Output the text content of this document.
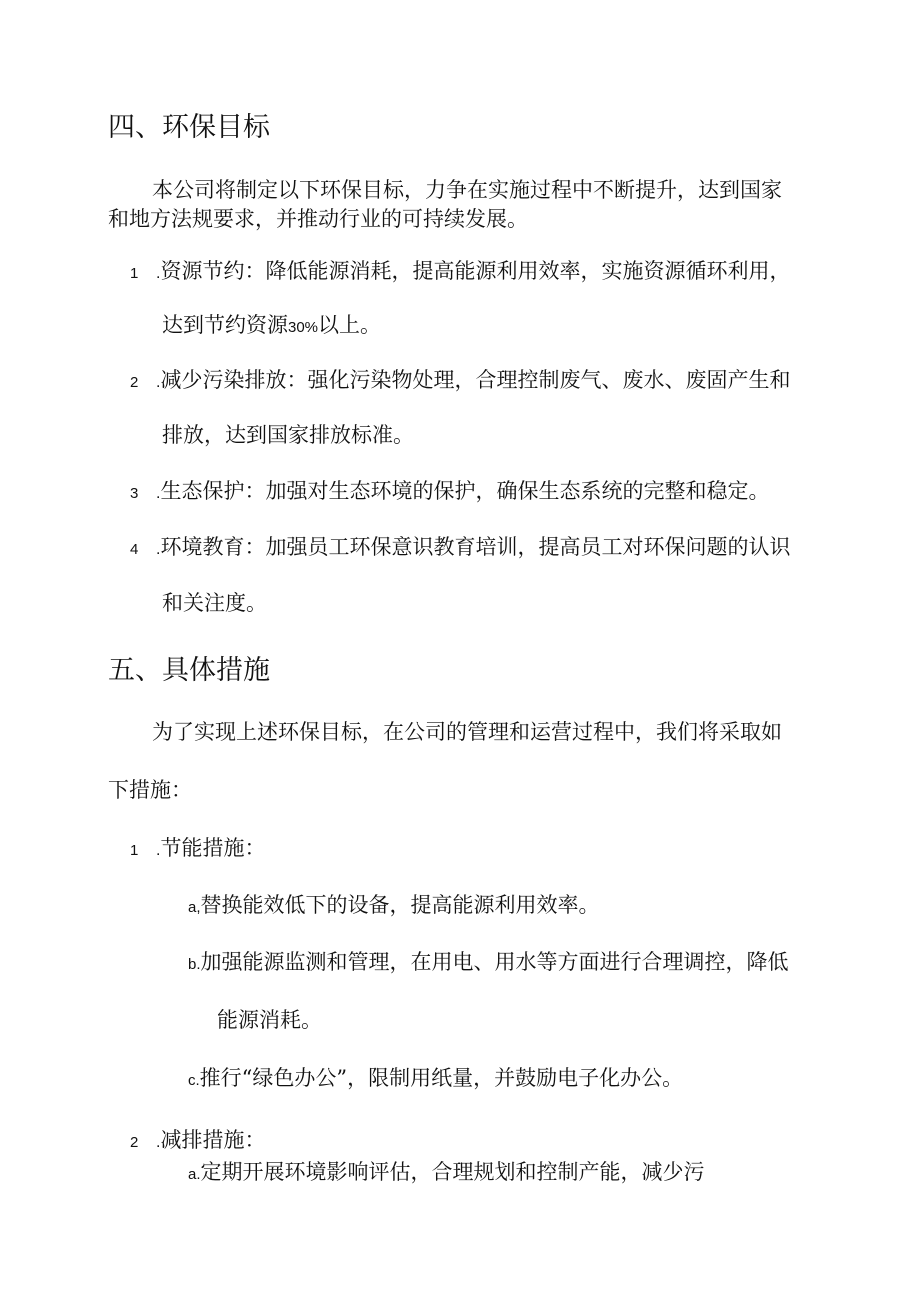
四、环保目标
本公司将制定以下环保目标，力争在实施过程中不断提升，达到国家
和地方法规要求，并推动行业的可持续发展。
1 .资源节约：降低能源消耗，提高能源利用效率，实施资源循环利用，
达到节约资源30%以上。
2 .减少污染排放：强化污染物处理，合理控制废气、废水、废固产生和
排放，达到国家排放标准。
3 .生态保护：加强对生态环境的保护，确保生态系统的完整和稳定。
4 .环境教育：加强员工环保意识教育培训，提高员工对环保问题的认识
和关注度。
五、具体措施
为了实现上述环保目标，在公司的管理和运营过程中，我们将采取如
下措施：
1 .节能措施：
a,替换能效低下的设备，提高能源利用效率。
b.加强能源监测和管理，在用电、用水等方面进行合理调控，降低
能源消耗。
c.推行“绿色办公”，限制用纸量，并鼓励电子化办公。
2 .减排措施：
a.定期开展环境影响评估，合理规划和控制产能，减少污
